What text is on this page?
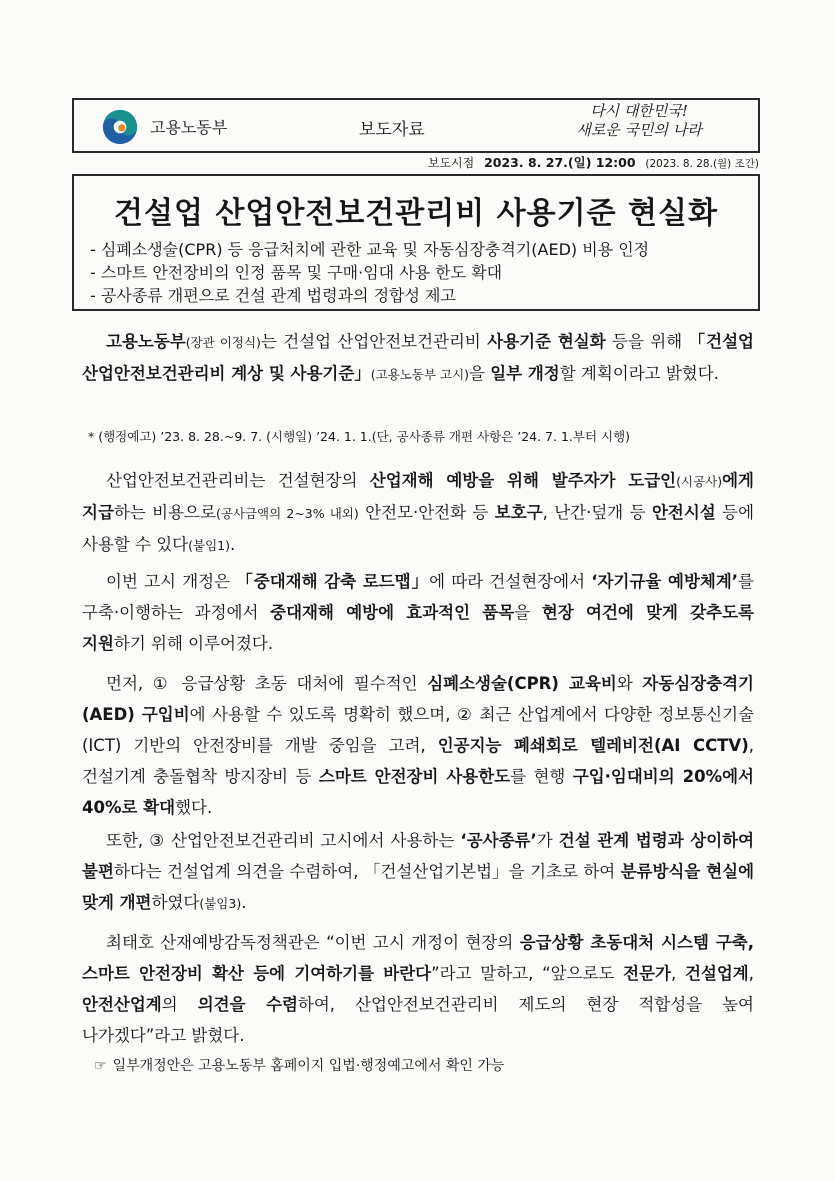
고용노동부	보도자료
다시 대한민국!
새로운 국민의 나라
보도시점 2023. 8. 27.(일) 12:00 (2023. 8. 28.(월) 조간)
건설업 산업안전보건관리비 사용기준 현실화
- 심폐소생술(CPR) 등 응급처치에 관한 교육 및 자동심장충격기(AED) 비용 인정
- 스마트 안전장비의 인정 품목 및 구매·임대 사용 한도 확대
- 공사종류 개편으로 건설 관계 법령과의 정합성 제고
고용노동부(장관 이정식)는 건설업 산업안전보건관리비 사용기준 현실화 등을 위해 「건설업 산업안전보건관리비 계상 및 사용기준」(고용노동부 고시)을 일부 개정할 계획이라고 밝혔다.
* (행정예고) ’23. 8. 28.~9. 7. (시행일) ’24. 1. 1.(단, 공사종류 개편 사항은 ’24. 7. 1.부터 시행)
산업안전보건관리비는 건설현장의 산업재해 예방을 위해 발주자가 도급인(시공사)에게 지급하는 비용으로(공사금액의 2~3% 내외) 안전모·안전화 등 보호구, 난간·덮개 등 안전시설 등에 사용할 수 있다(붙임1).
이번 고시 개정은 「중대재해 감축 로드맵」에 따라 건설현장에서 ‘자기규율 예방체계’를 구축·이행하는 과정에서 중대재해 예방에 효과적인 품목을 현장 여건에 맞게 갖추도록 지원하기 위해 이루어졌다.
먼저, ① 응급상황 초동 대처에 필수적인 심폐소생술(CPR) 교육비와 자동심장충격기(AED) 구입비에 사용할 수 있도록 명확히 했으며, ② 최근 산업계에서 다양한 정보통신기술(ICT) 기반의 안전장비를 개발 중임을 고려, 인공지능 폐쇄회로 텔레비전(AI CCTV), 건설기계 충돌협착 방지장비 등 스마트 안전장비 사용한도를 현행 구입·임대비의 20%에서 40%로 확대했다.
또한, ③ 산업안전보건관리비 고시에서 사용하는 ‘공사종류’가 건설 관계 법령과 상이하여 불편하다는 건설업계 의견을 수렴하여, 「건설산업기본법」을 기초로 하여 분류방식을 현실에 맞게 개편하였다(붙임3).
최태호 산재예방감독정책관은 “이번 고시 개정이 현장의 응급상황 초동대처 시스템 구축, 스마트 안전장비 확산 등에 기여하기를 바란다”라고 말하고, “앞으로도 전문가, 건설업계, 안전산업계의 의견을 수렴하여, 산업안전보건관리비 제도의 현장 적합성을 높여 나가겠다”라고 밝혔다.
☞ 일부개정안은 고용노동부 홈페이지 입법·행정예고에서 확인 가능
